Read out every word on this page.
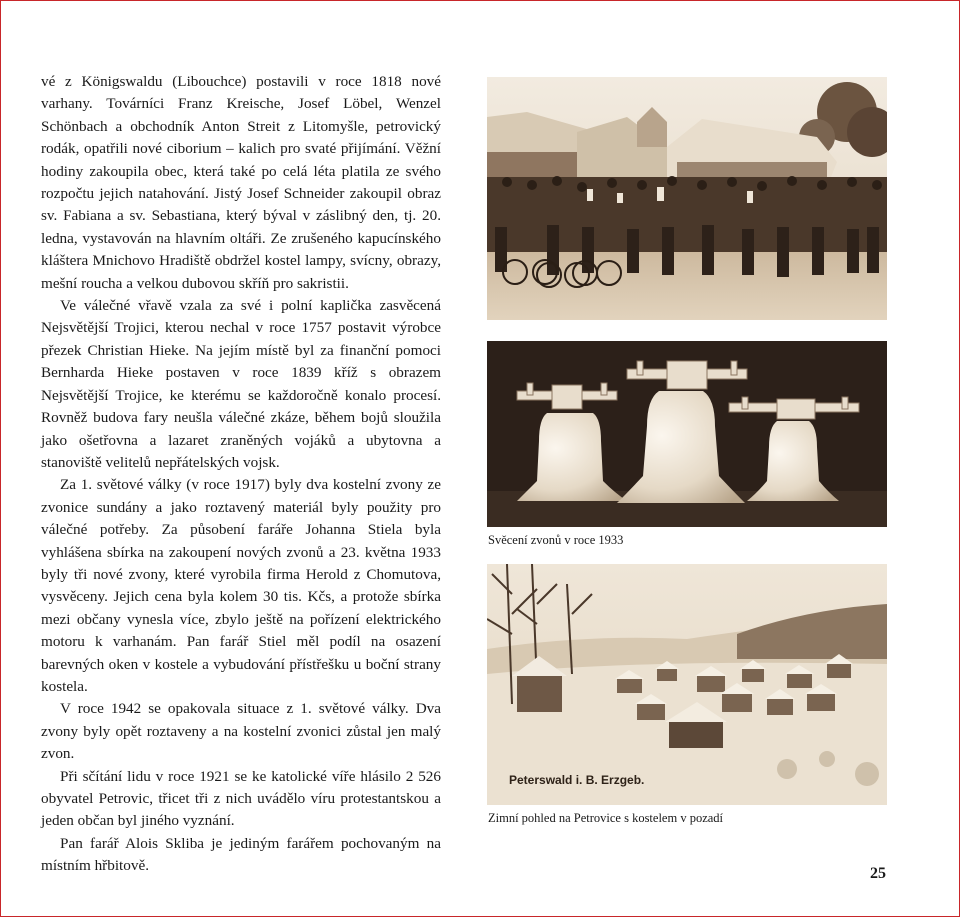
vé z Königswaldu (Libouchce) postavili v roce 1818 nové varhany. Továrníci Franz Kreische, Josef Löbel, Wenzel Schönbach a obchodník Anton Streit z Litomyšle, petrovický rodák, opatřili nové ciborium – kalich pro svaté přijímání. Věžní hodiny zakoupila obec, která také po celá léta platila ze svého rozpočtu jejich natahování. Jistý Josef Schneider zakoupil obraz sv. Fabiana a sv. Sebastiana, který býval v záslibný den, tj. 20. ledna, vystavován na hlavním oltáři. Ze zrušeného kapucínského kláštera Mnichovo Hradiště obdržel kostel lampy, svícny, obrazy, mešní roucha a velkou dubovou skříň pro sakristii.

Ve válečné vřavě vzala za své i polní kaplička zasvěcená Nejsvětější Trojici, kterou nechal v roce 1757 postavit výrobce přezek Christian Hieke. Na jejím místě byl za finanční pomoci Bernharda Hieke postaven v roce 1839 kříž s obrazem Nejsvětější Trojice, ke kterému se každoročně konalo procesí. Rovněž budova fary neušla válečné zkáze, během bojů sloužila jako ošetřovna a lazaret zraněných vojáků a ubytovna a stanoviště velitelů nepřátelských vojsk.

Za 1. světové války (v roce 1917) byly dva kostelní zvony ze zvonice sundány a jako roztavený materiál byly použity pro válečné potřeby. Za působení faráře Johanna Stiela byla vyhlášena sbírka na zakoupení nových zvonů a 23. května 1933 byly tři nové zvony, které vyrobila firma Herold z Chomutova, vysvěceny. Jejich cena byla kolem 30 tis. Kčs, a protože sbírka mezi občany vynesla více, zbylo ještě na pořízení elektrického motoru k varhanám. Pan farář Stiel měl podíl na osazení barevných oken v kostele a vybudování přístřešku u boční strany kostela.

V roce 1942 se opakovala situace z 1. světové války. Dva zvony byly opět roztaveny a na kostelní zvonici zůstal jen malý zvon.

Při sčítání lidu v roce 1921 se ke katolické víře hlásilo 2 526 obyvatel Petrovic, třicet tři z nich uvádělo víru protestantskou a jeden občan byl jiného vyznání.

Pan farář Alois Skliba je jediným farářem pochovaným na místním hřbitově.

Svěcení zvonů v roce 1933
Peterswald i. B. Erzgeb.
Zimní pohled na Petrovice s kostelem v pozadí
25
